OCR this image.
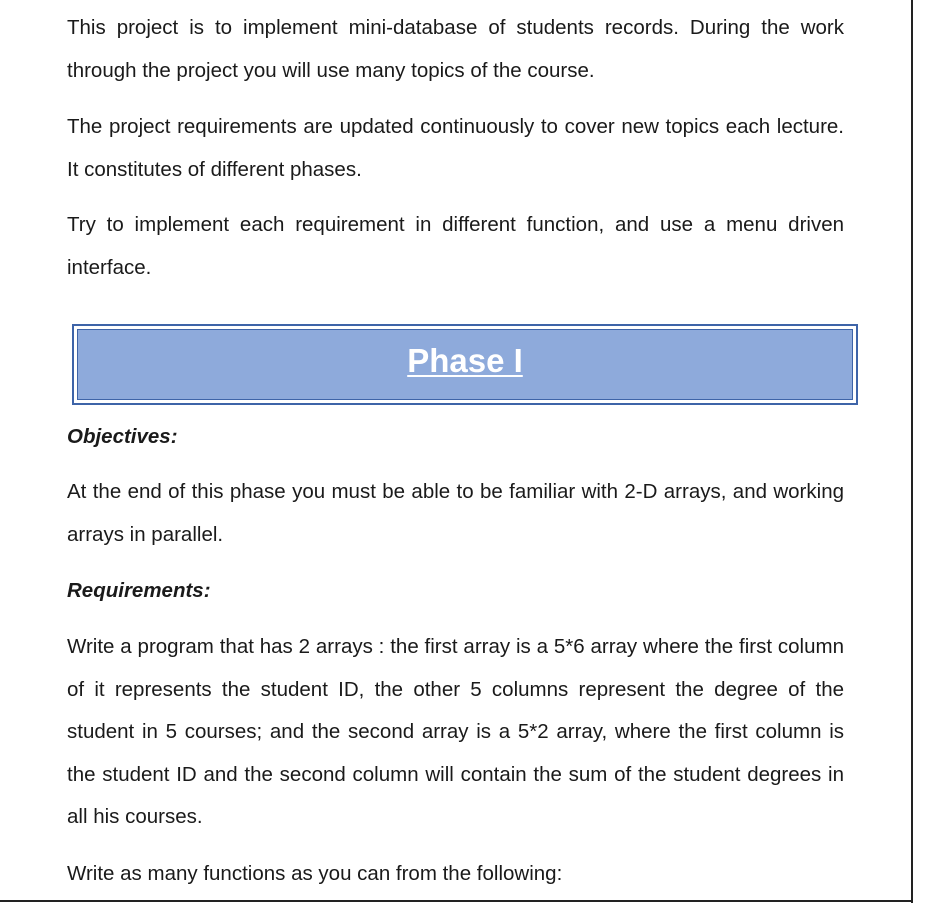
This project is to implement mini-database of students records. During the work through the project you will use many topics of the course.

The project requirements are updated continuously to cover new topics each lecture. It constitutes of different phases.

Try to implement each requirement in different function, and use a menu driven interface.

Objectives:

At the end of this phase you must be able to be familiar with 2-D arrays, and working arrays in parallel.

Requirements:

Write a program that has 2 arrays : the first array is a 5*6 array where the first column of it represents the student ID, the other 5 columns represent the degree of the student in 5 courses; and the second array is a 5*2 array, where the first column is the student ID and the second column will contain the sum of the student degrees in all his courses.

Write as many functions as you can from the following:

Phase I
